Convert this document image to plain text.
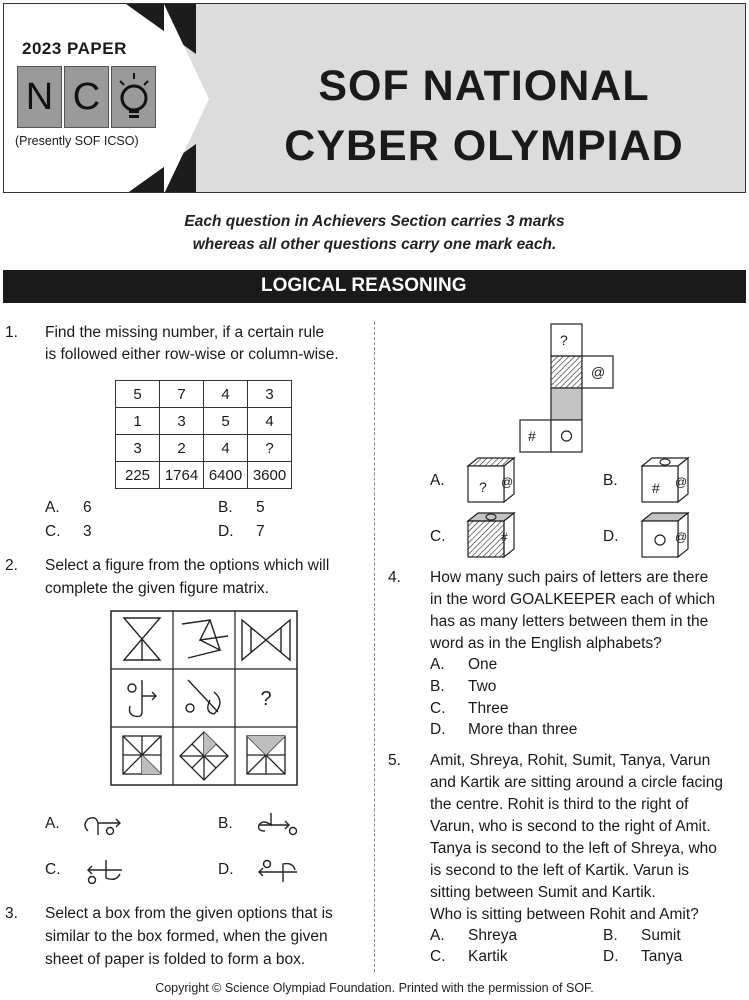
2023 PAPER
N C
(Presently SOF ICSO)
SOF NATIONAL
CYBER OLYMPIAD
Each question in Achievers Section carries 3 marks
whereas all other questions carry one mark each.
LOGICAL REASONING
1. Find the missing number, if a certain rule
is followed either row-wise or column-wise.
5	7	4	3
1	3	5	4
3	2	4	?
225	1764	6400	3600
A. 6	B. 5
C. 3	D. 7
2. Select a figure from the options which will
complete the given figure matrix.
?
A.	B.
C.	D.
3. Select a box from the given options that is
similar to the box formed, when the given
sheet of paper is folded to form a box.
?
@
#
A. ? @	B. # @
C.	#	D.	@
4. How many such pairs of letters are there
in the word GOALKEEPER each of which
has as many letters between them in the
word as in the English alphabets?
A. One
B. Two
C. Three
D. More than three
5. Amit, Shreya, Rohit, Sumit, Tanya, Varun
and Kartik are sitting around a circle facing
the centre. Rohit is third to the right of
Varun, who is second to the right of Amit.
Tanya is second to the left of Shreya, who
is second to the left of Kartik. Varun is
sitting between Sumit and Kartik.
Who is sitting between Rohit and Amit?
A. Shreya	B. Sumit
C. Kartik	D. Tanya
Copyright © Science Olympiad Foundation. Printed with the permission of SOF.
